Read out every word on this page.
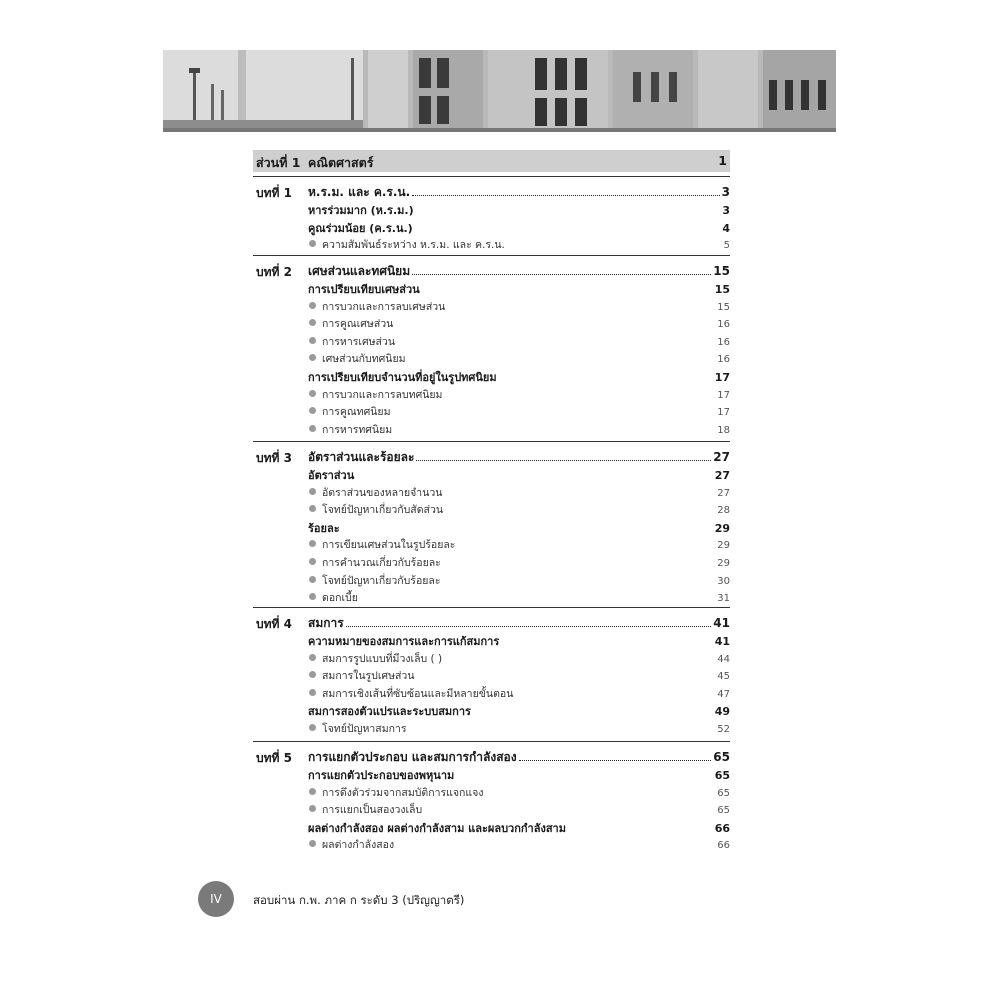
ส่วนที่ 1 คณิตศาสตร์	1
บทที่ 1 ห.ร.ม. และ ค.ร.น.	3
หารร่วมมาก (ห.ร.ม.)	3
คูณร่วมน้อย (ค.ร.น.)	4
ความสัมพันธ์ระหว่าง ห.ร.ม. และ ค.ร.น.	5
บทที่ 2 เศษส่วนและทศนิยม	15
การเปรียบเทียบเศษส่วน	15
การบวกและการลบเศษส่วน	15
การคูณเศษส่วน	16
การหารเศษส่วน	16
เศษส่วนกับทศนิยม	16
การเปรียบเทียบจำนวนที่อยู่ในรูปทศนิยม	17
การบวกและการลบทศนิยม	17
การคูณทศนิยม	17
การหารทศนิยม	18
บทที่ 3 อัตราส่วนและร้อยละ	27
อัตราส่วน	27
อัตราส่วนของหลายจำนวน	27
โจทย์ปัญหาเกี่ยวกับสัดส่วน	28
ร้อยละ	29
การเขียนเศษส่วนในรูปร้อยละ	29
การคำนวณเกี่ยวกับร้อยละ	29
โจทย์ปัญหาเกี่ยวกับร้อยละ	30
ดอกเบี้ย	31
บทที่ 4 สมการ	41
ความหมายของสมการและการแก้สมการ	41
สมการรูปแบบที่มีวงเล็บ ( )	44
สมการในรูปเศษส่วน	45
สมการเชิงเส้นที่ซับซ้อนและมีหลายขั้นตอน	47
สมการสองตัวแปรและระบบสมการ	49
โจทย์ปัญหาสมการ	52
บทที่ 5 การแยกตัวประกอบ และสมการกำลังสอง	65
การแยกตัวประกอบของพหุนาม	65
การดึงตัวร่วมจากสมบัติการแจกแจง	65
การแยกเป็นสองวงเล็บ	65
ผลต่างกำลังสอง ผลต่างกำลังสาม และผลบวกกำลังสาม	66
ผลต่างกำลังสอง	66
IV	สอบผ่าน ก.พ. ภาค ก ระดับ 3 (ปริญญาตรี)
